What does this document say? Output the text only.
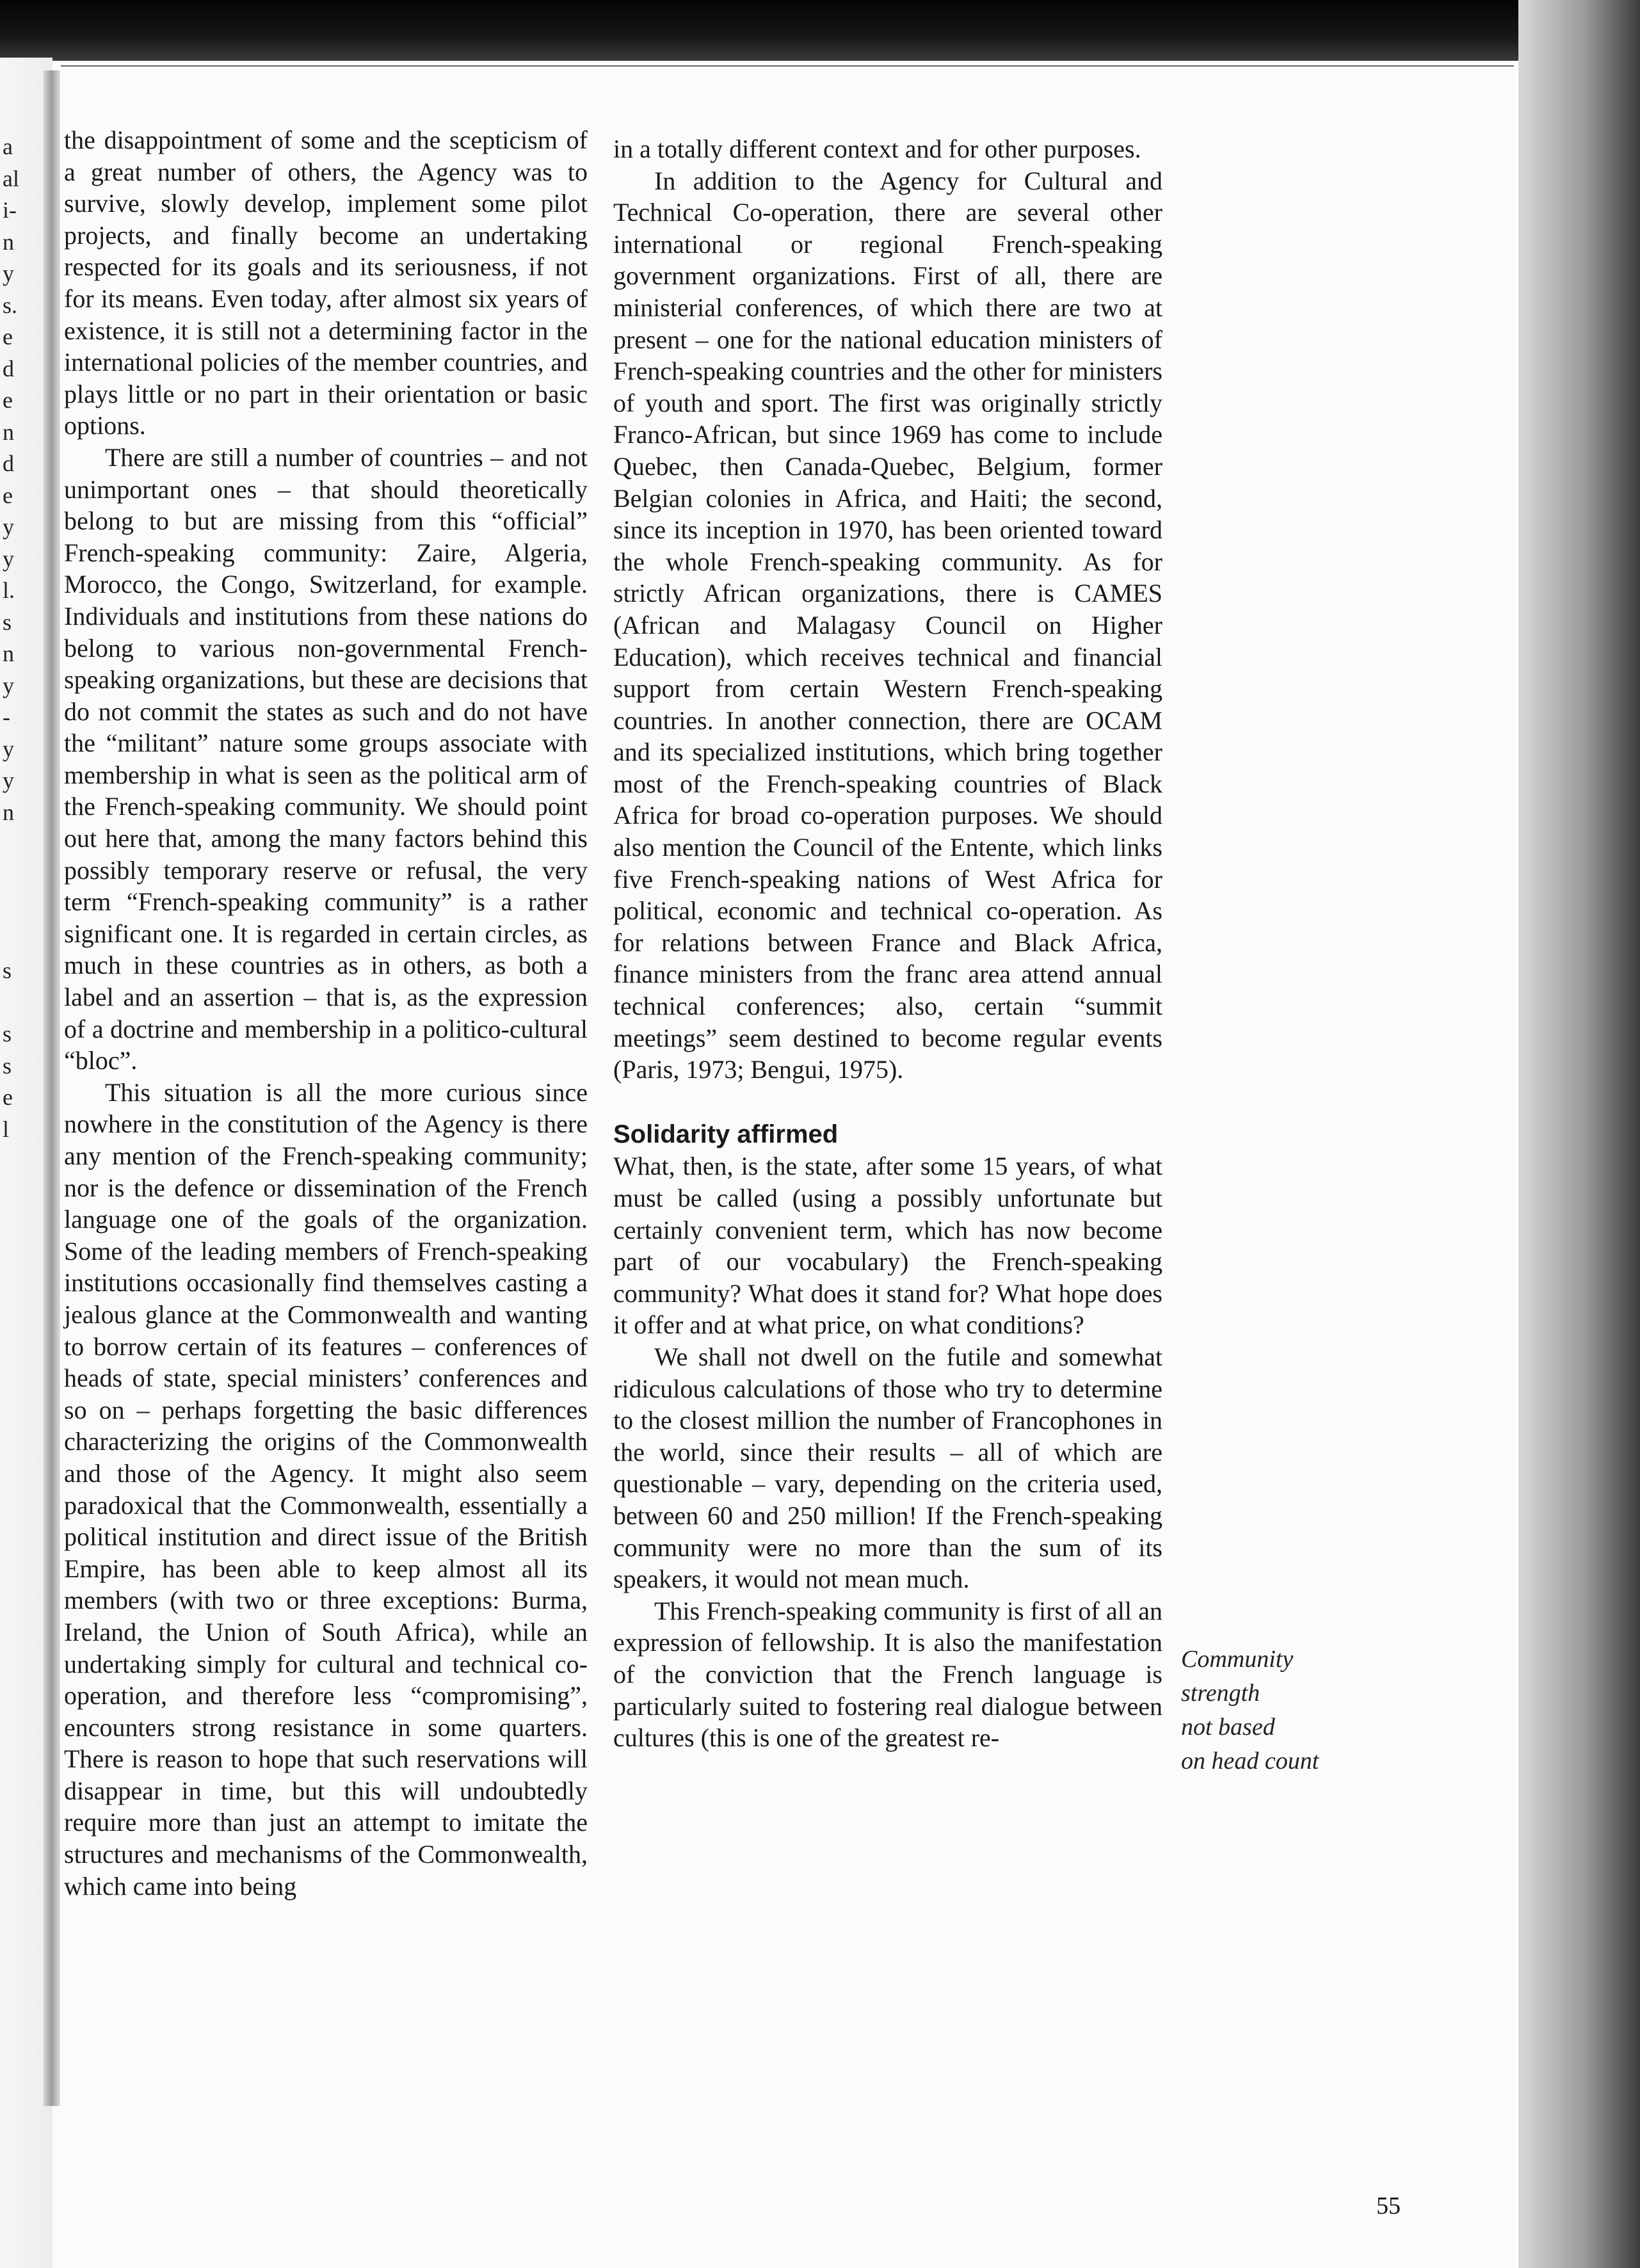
a
al
i-
n
y
s.
e
d
e
n
d
e
y
y
l.
s
n
y
-
y
y
n
s
s
s
e
l

the disappointment of some and the scepticism of a great number of others, the Agency was to survive, slowly develop, implement some pilot projects, and finally become an undertaking respected for its goals and its seriousness, if not for its means. Even today, after almost six years of existence, it is still not a determining factor in the international policies of the member countries, and plays little or no part in their orientation or basic options.

There are still a number of countries – and not unimportant ones – that should theoretically belong to but are missing from this “official” French-speaking community: Zaire, Algeria, Morocco, the Congo, Switzerland, for example. Individuals and institutions from these nations do belong to various non-governmental French-speaking organizations, but these are decisions that do not commit the states as such and do not have the “militant” nature some groups associate with membership in what is seen as the political arm of the French-speaking community. We should point out here that, among the many factors behind this possibly temporary reserve or refusal, the very term “French-speaking community” is a rather significant one. It is regarded in certain circles, as much in these countries as in others, as both a label and an assertion – that is, as the expression of a doctrine and membership in a politico-cultural “bloc”.

This situation is all the more curious since nowhere in the constitution of the Agency is there any mention of the French-speaking community; nor is the defence or dissemination of the French language one of the goals of the organization. Some of the leading members of French-speaking institutions occasionally find themselves casting a jealous glance at the Commonwealth and wanting to borrow certain of its features – conferences of heads of state, special ministers’ conferences and so on – perhaps forgetting the basic differences characterizing the origins of the Commonwealth and those of the Agency. It might also seem paradoxical that the Commonwealth, essentially a political institution and direct issue of the British Empire, has been able to keep almost all its members (with two or three exceptions: Burma, Ireland, the Union of South Africa), while an undertaking simply for cultural and technical co-operation, and therefore less “compromising”, encounters strong resistance in some quarters. There is reason to hope that such reservations will disappear in time, but this will undoubtedly require more than just an attempt to imitate the structures and mechanisms of the Commonwealth, which came into being

in a totally different context and for other purposes.

In addition to the Agency for Cultural and Technical Co-operation, there are several other international or regional French-speaking government organizations. First of all, there are ministerial conferences, of which there are two at present – one for the national education ministers of French-speaking countries and the other for ministers of youth and sport. The first was originally strictly Franco-African, but since 1969 has come to include Quebec, then Canada-Quebec, Belgium, former Belgian colonies in Africa, and Haiti; the second, since its inception in 1970, has been oriented toward the whole French-speaking community. As for strictly African organizations, there is CAMES (African and Malagasy Council on Higher Education), which receives technical and financial support from certain Western French-speaking countries. In another connection, there are OCAM and its specialized institutions, which bring together most of the French-speaking countries of Black Africa for broad co-operation purposes. We should also mention the Council of the Entente, which links five French-speaking nations of West Africa for political, economic and technical co-operation. As for relations between France and Black Africa, finance ministers from the franc area attend annual technical conferences; also, certain “summit meetings” seem destined to become regular events (Paris, 1973; Bengui, 1975).

Solidarity affirmed

What, then, is the state, after some 15 years, of what must be called (using a possibly unfortunate but certainly convenient term, which has now become part of our vocabulary) the French-speaking community? What does it stand for? What hope does it offer and at what price, on what conditions?

We shall not dwell on the futile and somewhat ridiculous calculations of those who try to determine to the closest million the number of Francophones in the world, since their results – all of which are questionable – vary, depending on the criteria used, between 60 and 250 million! If the French-speaking community were no more than the sum of its speakers, it would not mean much.

This French-speaking community is first of all an expression of fellowship. It is also the manifestation of the conviction that the French language is particularly suited to fostering real dialogue between cultures (this is one of the greatest re-

Community
strength
not based
on head count
55
